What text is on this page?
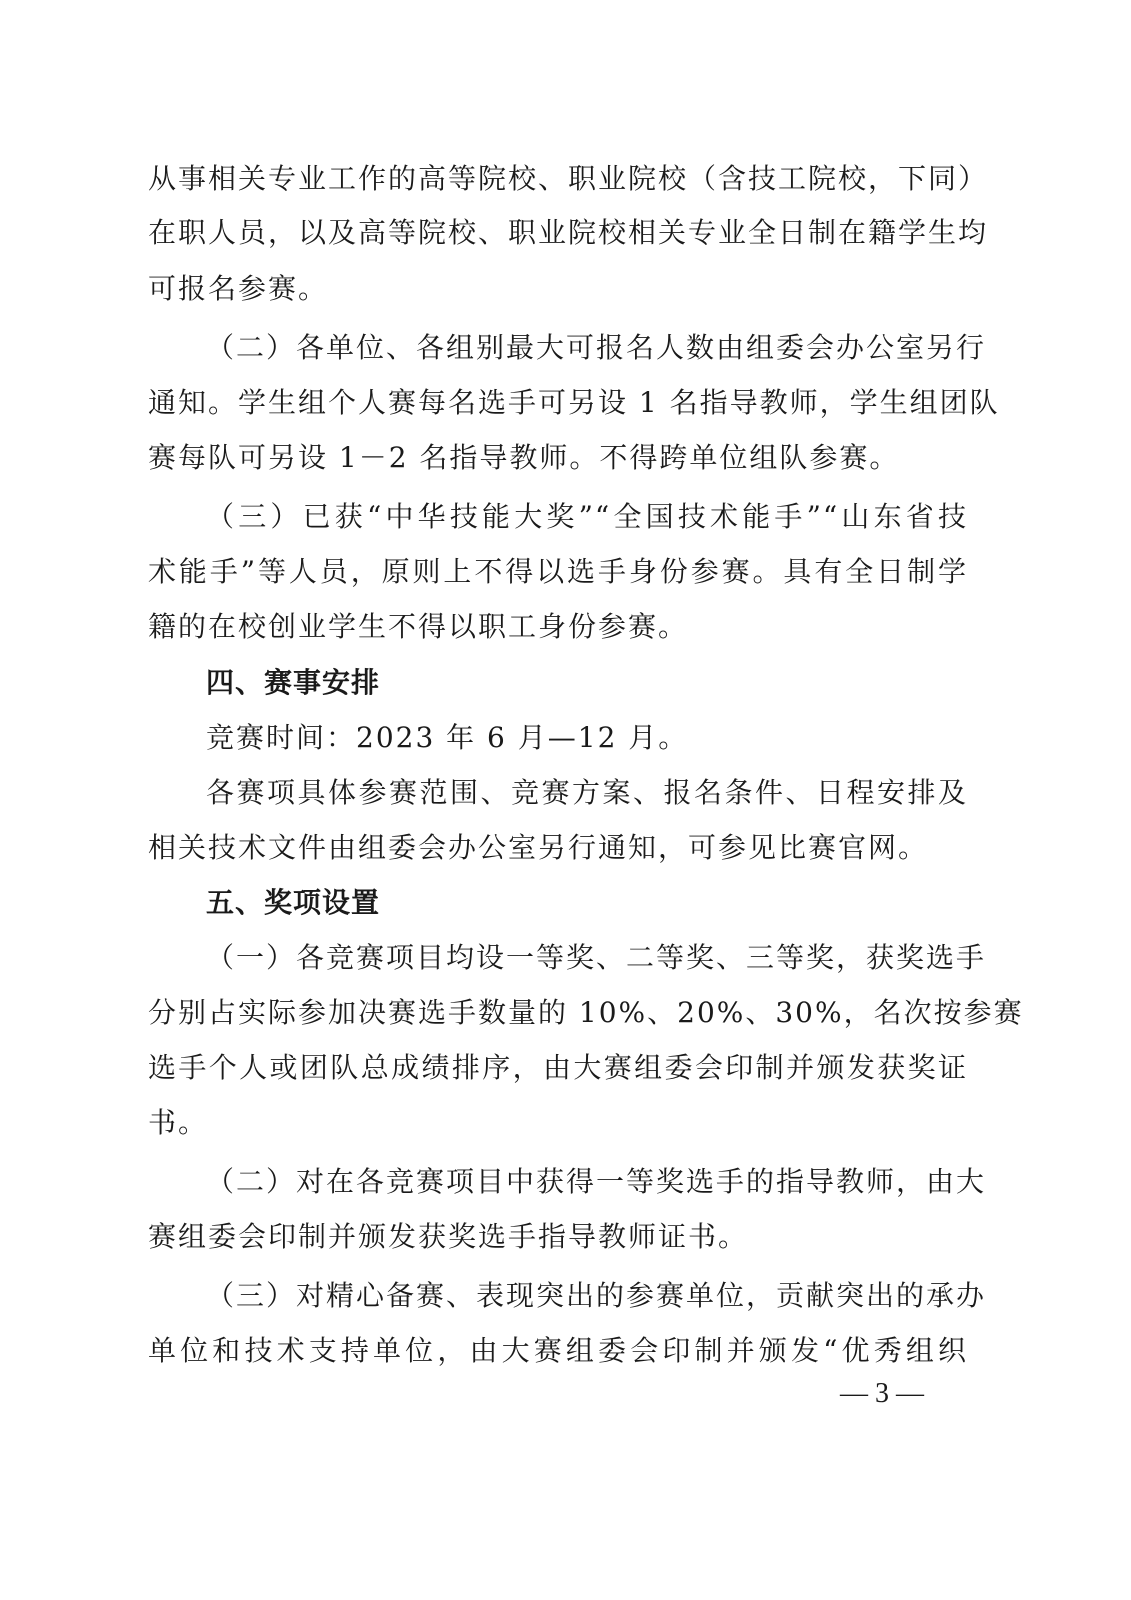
从事相关专业工作的高等院校、职业院校（含技工院校，下同）
在职人员，以及高等院校、职业院校相关专业全日制在籍学生均
可报名参赛。
（二）各单位、各组别最大可报名人数由组委会办公室另行
通知。学生组个人赛每名选手可另设 1 名指导教师，学生组团队
赛每队可另设 1－2 名指导教师。不得跨单位组队参赛。
（三）已获“中华技能大奖”“全国技术能手”“山东省技
术能手”等人员，原则上不得以选手身份参赛。具有全日制学
籍的在校创业学生不得以职工身份参赛。
四、赛事安排
竞赛时间：2023 年 6 月—12 月。
各赛项具体参赛范围、竞赛方案、报名条件、日程安排及
相关技术文件由组委会办公室另行通知，可参见比赛官网。
五、奖项设置
（一）各竞赛项目均设一等奖、二等奖、三等奖，获奖选手
分别占实际参加决赛选手数量的 10%、20%、30%，名次按参赛
选手个人或团队总成绩排序，由大赛组委会印制并颁发获奖证
书。
（二）对在各竞赛项目中获得一等奖选手的指导教师，由大
赛组委会印制并颁发获奖选手指导教师证书。
（三）对精心备赛、表现突出的参赛单位，贡献突出的承办
单位和技术支持单位，由大赛组委会印制并颁发“优秀组织
— 3 —
